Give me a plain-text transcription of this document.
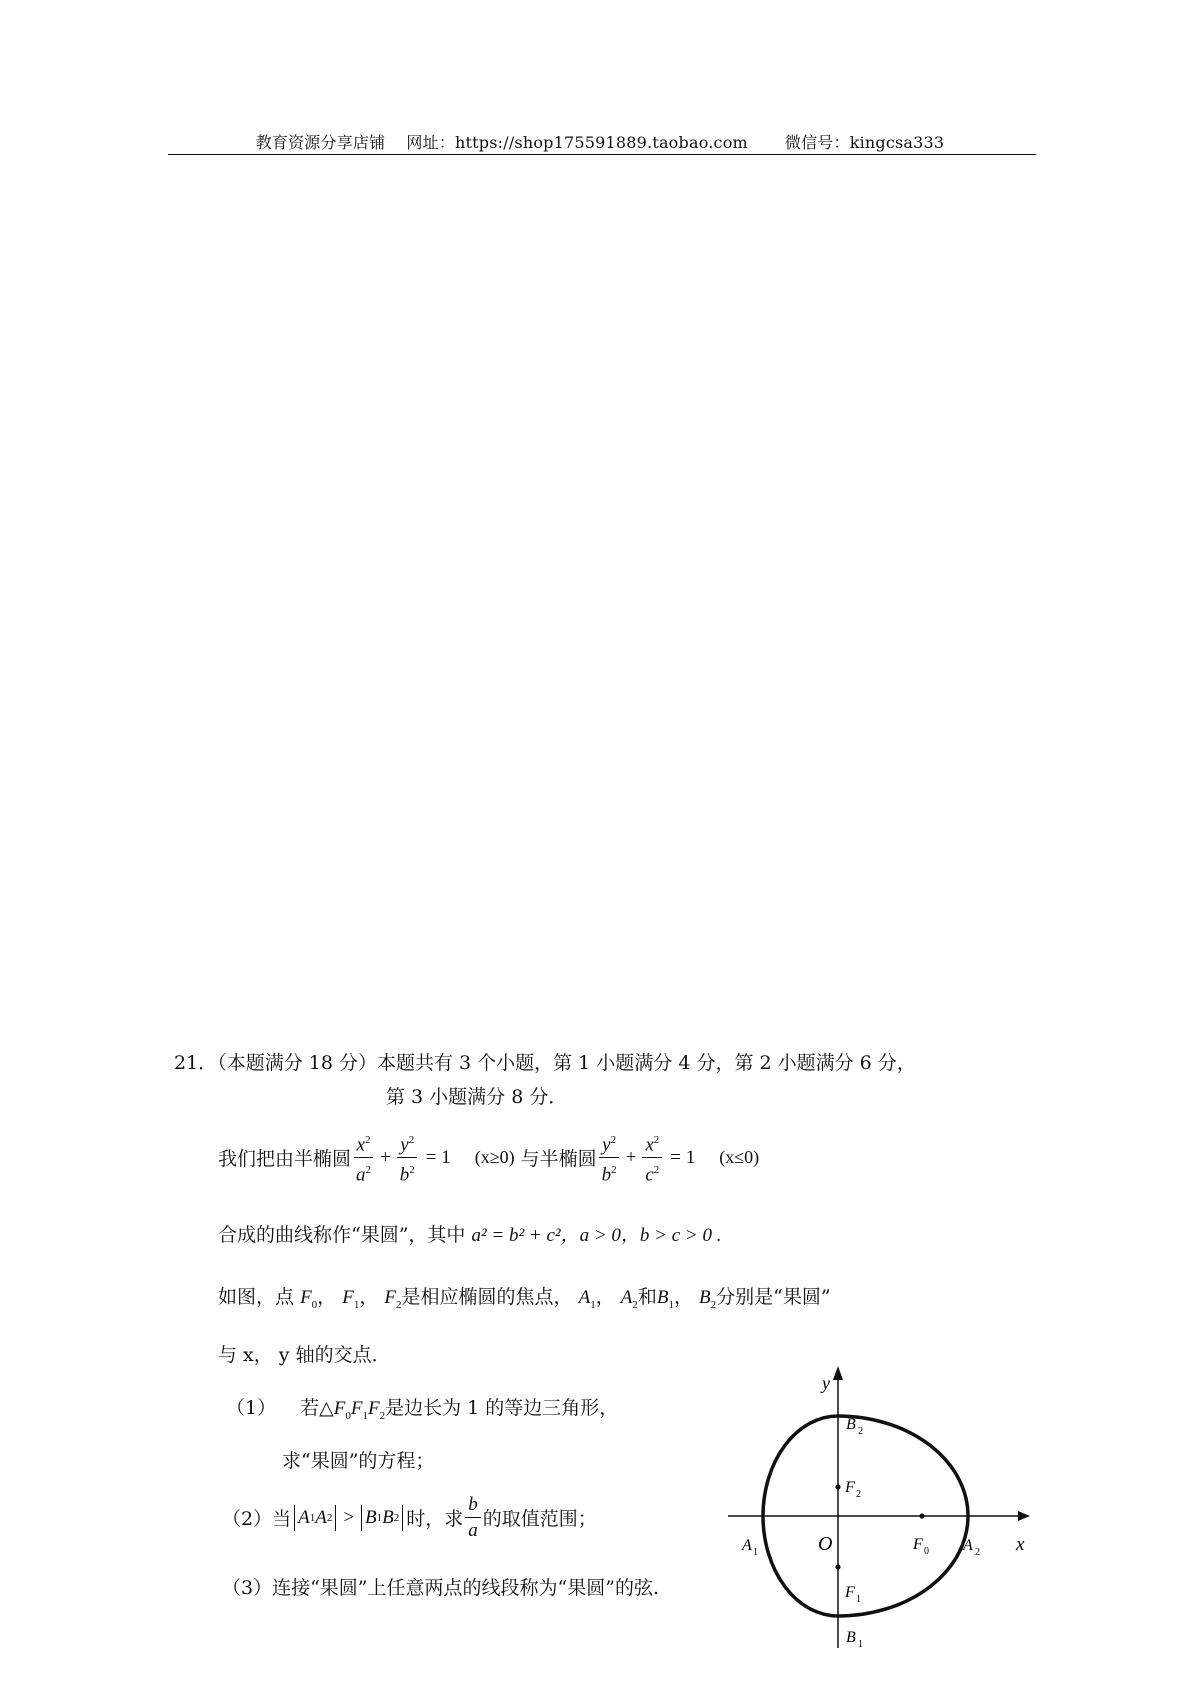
教育资源分享店铺    网址：https://shop175591889.taobao.com       微信号：kingcsa333
21．（本题满分 18 分）本题共有 3 个小题，第 1 小题满分 4 分，第 2 小题满分 6 分，
第 3 小题满分 8 分．
我们把由半椭圆 $\frac{x^2}{a^2} + \frac{y^2}{b^2} = 1$ (x≥0) 与半椭圆 $\frac{y^2}{b^2} + \frac{x^2}{c^2} = 1$ (x≤0)
合成的曲线称作“果圆”，其中 a² = b² + c²，a > 0，b > c > 0 .
如图，点 $F_0$， $F_1$， $F_2$是相应椭圆的焦点， $A_1$， $A_2$和$B_1$， $B_2$分别是“果圆”
与 x， y 轴的交点．
（1） 若$\triangle F_0F_1F_2$是边长为 1 的等边三角形，
求“果圆”的方程；
（2）当 A 1 A 2 > B 1 B 2 时，求 $\frac{b}{a}$ 的取值范围；
（3）连接“果圆”上任意两点的线段称为“果圆”的弦.
y
x
O
B 2
B 1
F 2
F 1
F 0
A 1	A 2
